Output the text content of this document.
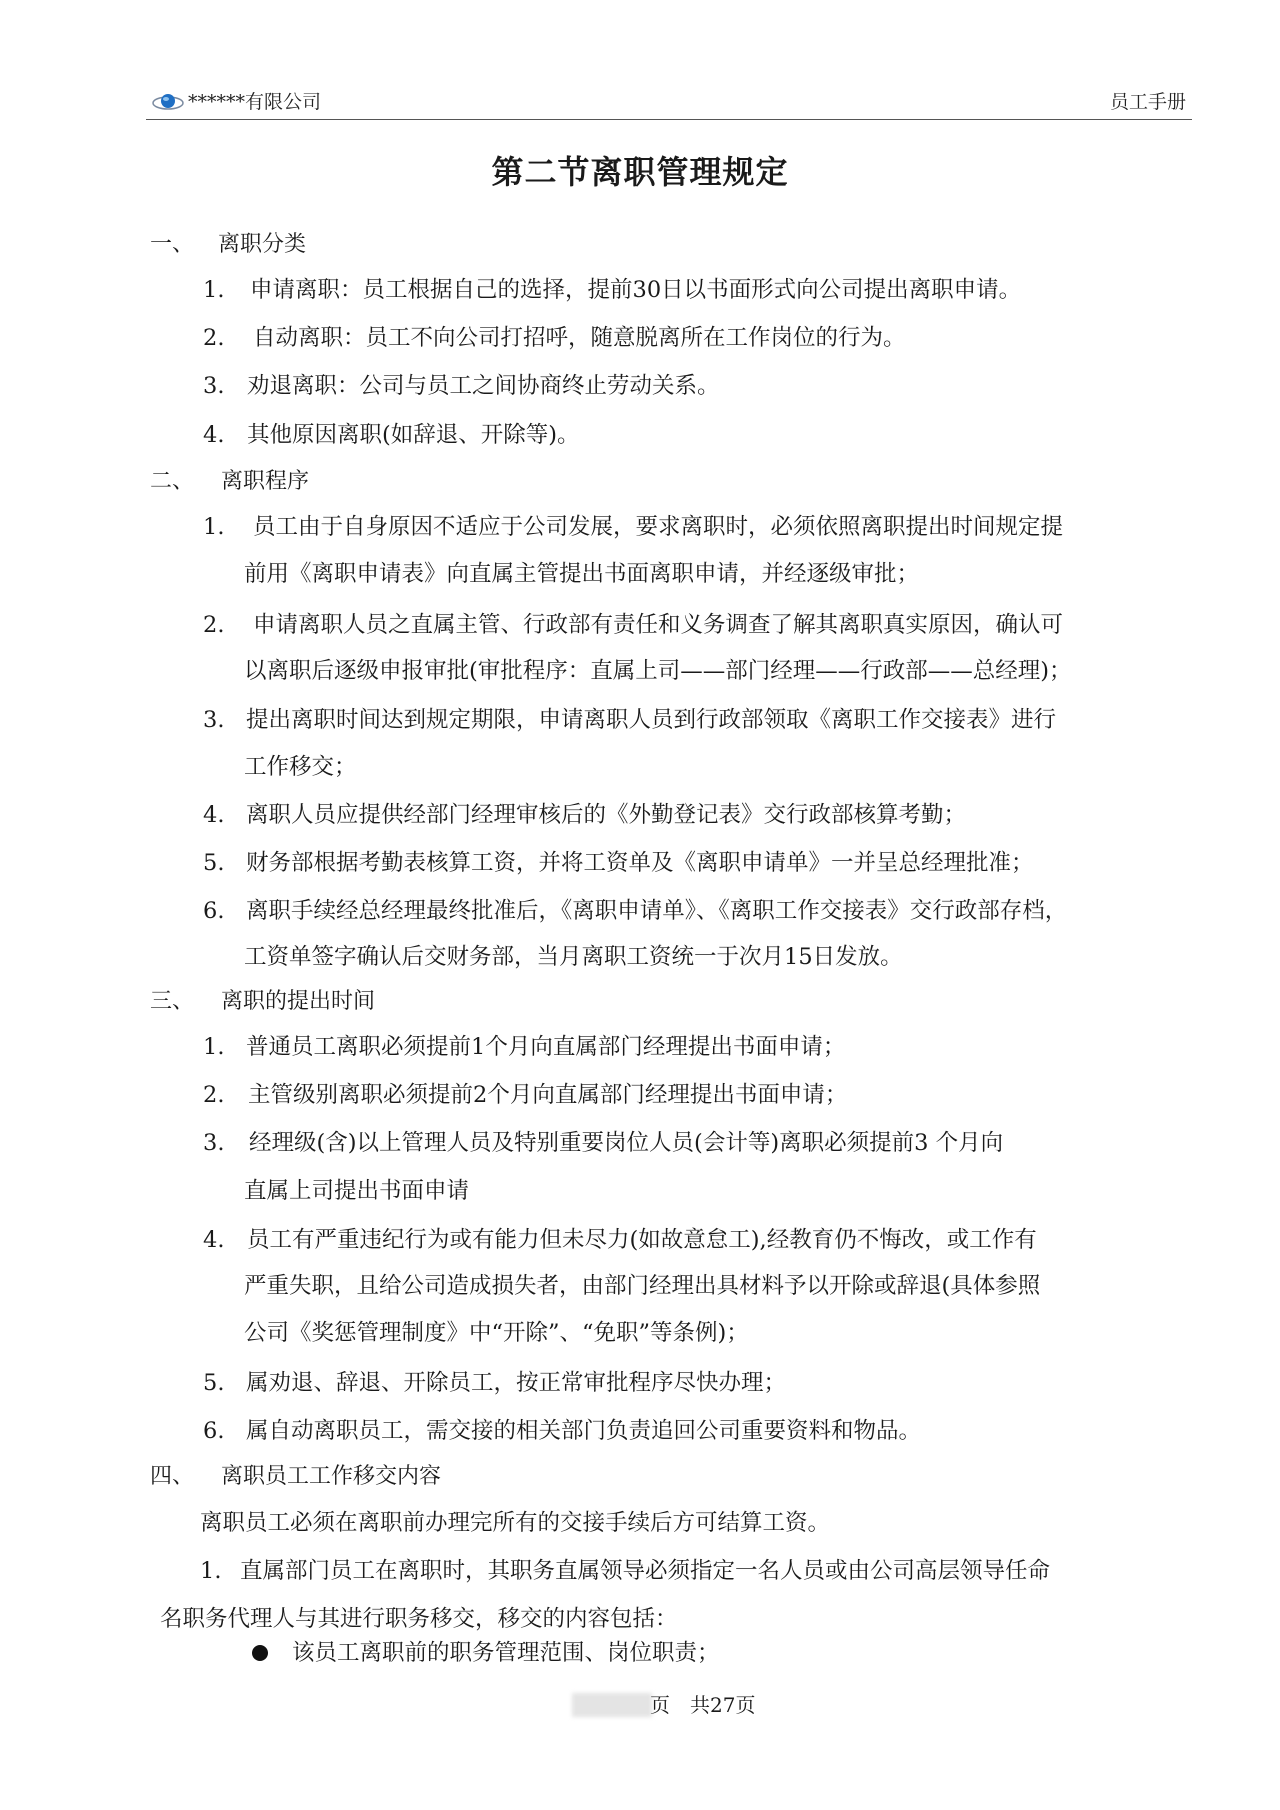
******有限公司	员工手册
第二节离职管理规定
一、 离职分类
1. 申请离职：员工根据自己的选择，提前30日以书面形式向公司提出离职申请。
2. 自动离职：员工不向公司打招呼，随意脱离所在工作岗位的行为。
3. 劝退离职：公司与员工之间协商终止劳动关系。
4. 其他原因离职(如辞退、开除等)。
二、 离职程序
1. 员工由于自身原因不适应于公司发展，要求离职时，必须依照离职提出时间规定提
前用《离职申请表》向直属主管提出书面离职申请，并经逐级审批；
2. 申请离职人员之直属主管、行政部有责任和义务调查了解其离职真实原因，确认可
以离职后逐级申报审批(审批程序：直属上司——部门经理——行政部——总经理)；
3. 提出离职时间达到规定期限，申请离职人员到行政部领取《离职工作交接表》进行
工作移交；
4. 离职人员应提供经部门经理审核后的《外勤登记表》交行政部核算考勤；
5. 财务部根据考勤表核算工资，并将工资单及《离职申请单》一并呈总经理批准；
6. 离职手续经总经理最终批准后，《离职申请单》、《离职工作交接表》交行政部存档，
工资单签字确认后交财务部，当月离职工资统一于次月15日发放。
三、 离职的提出时间
1. 普通员工离职必须提前1个月向直属部门经理提出书面申请；
2. 主管级别离职必须提前2个月向直属部门经理提出书面申请；
3. 经理级(含)以上管理人员及特别重要岗位人员(会计等)离职必须提前3 个月向
直属上司提出书面申请
4. 员工有严重违纪行为或有能力但未尽力(如故意怠工),经教育仍不悔改，或工作有
严重失职，且给公司造成损失者，由部门经理出具材料予以开除或辞退(具体参照
公司《奖惩管理制度》中“开除”、“免职”等条例)；
5. 属劝退、辞退、开除员工，按正常审批程序尽快办理；
6. 属自动离职员工，需交接的相关部门负责追回公司重要资料和物品。
四、 离职员工工作移交内容
离职员工必须在离职前办理完所有的交接手续后方可结算工资。
1. 直属部门员工在离职时，其职务直属领导必须指定一名人员或由公司高层领导任命
名职务代理人与其进行职务移交，移交的内容包括：
该员工离职前的职务管理范围、岗位职责；
页　共27页
